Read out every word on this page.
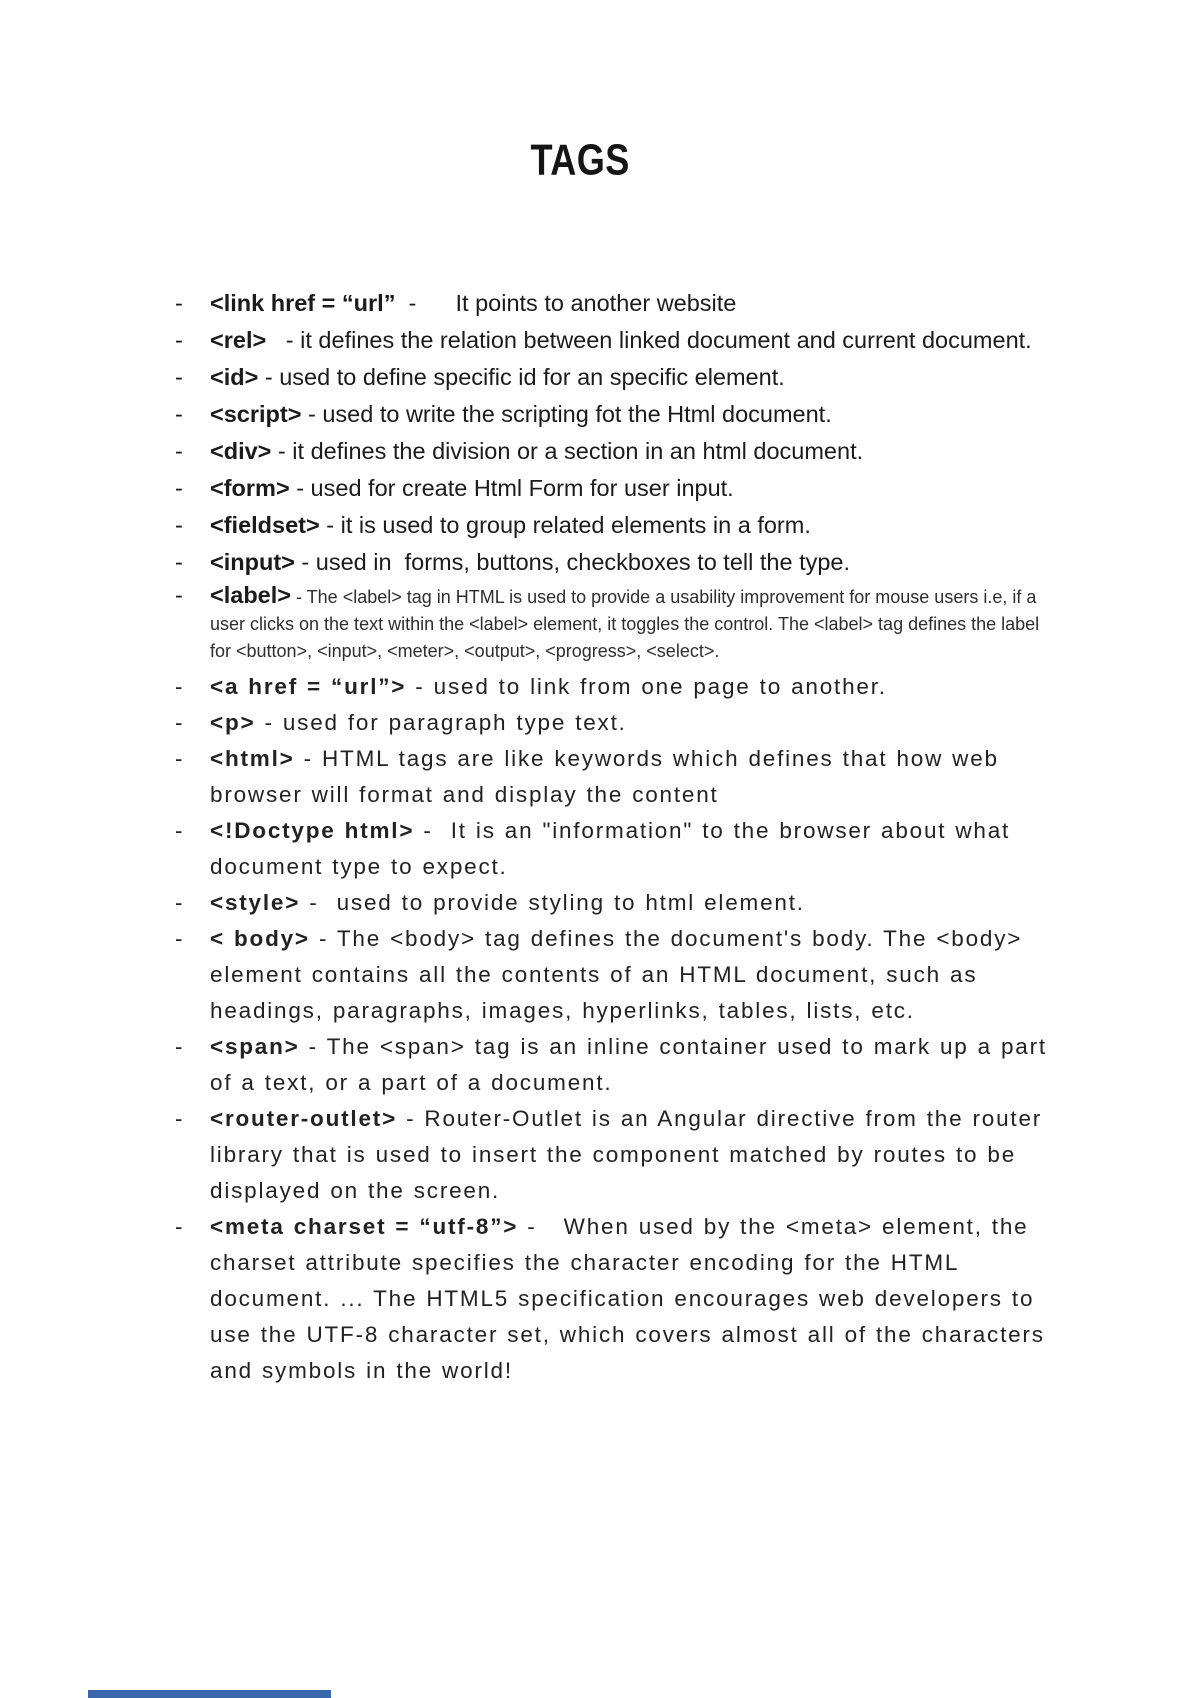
TAGS
-	<link href = “url”  -      It points to another website
-	<rel>   - it defines the relation between linked document and current document.
-	<id> - used to define specific id for an specific element.
-	<script> - used to write the scripting fot the Html document.
-	<div> - it defines the division or a section in an html document.
-	<form> - used for create Html Form for user input.
-	<fieldset> - it is used to group related elements in a form.
-	<input> - used in  forms, buttons, checkboxes to tell the type.
-	<label> - The <label> tag in HTML is used to provide a usability improvement for mouse users i.e, if a user clicks on the text within the <label> element, it toggles the control. The <label> tag defines the label for <button>, <input>, <meter>, <output>, <progress>, <select>.
-	<a href = “url”> - used to link from one page to another.
-	<p> - used for paragraph type text.
-	<html> - HTML tags are like keywords which defines that how web browser will format and display the content
-	<!Doctype html> -  It is an "information" to the browser about what document type to expect.
-	<style> -  used to provide styling to html element.
-	< body> - The <body> tag defines the document's body. The <body> element contains all the contents of an HTML document, such as headings, paragraphs, images, hyperlinks, tables, lists, etc.
-	<span> - The <span> tag is an inline container used to mark up a part of a text, or a part of a document.
-	<router-outlet> - Router-Outlet is an Angular directive from the router library that is used to insert the component matched by routes to be displayed on the screen.
-	<meta charset = “utf-8”> -   When used by the <meta> element, the charset attribute specifies the character encoding for the HTML document. ... The HTML5 specification encourages web developers to use the UTF-8 character set, which covers almost all of the characters and symbols in the world!
